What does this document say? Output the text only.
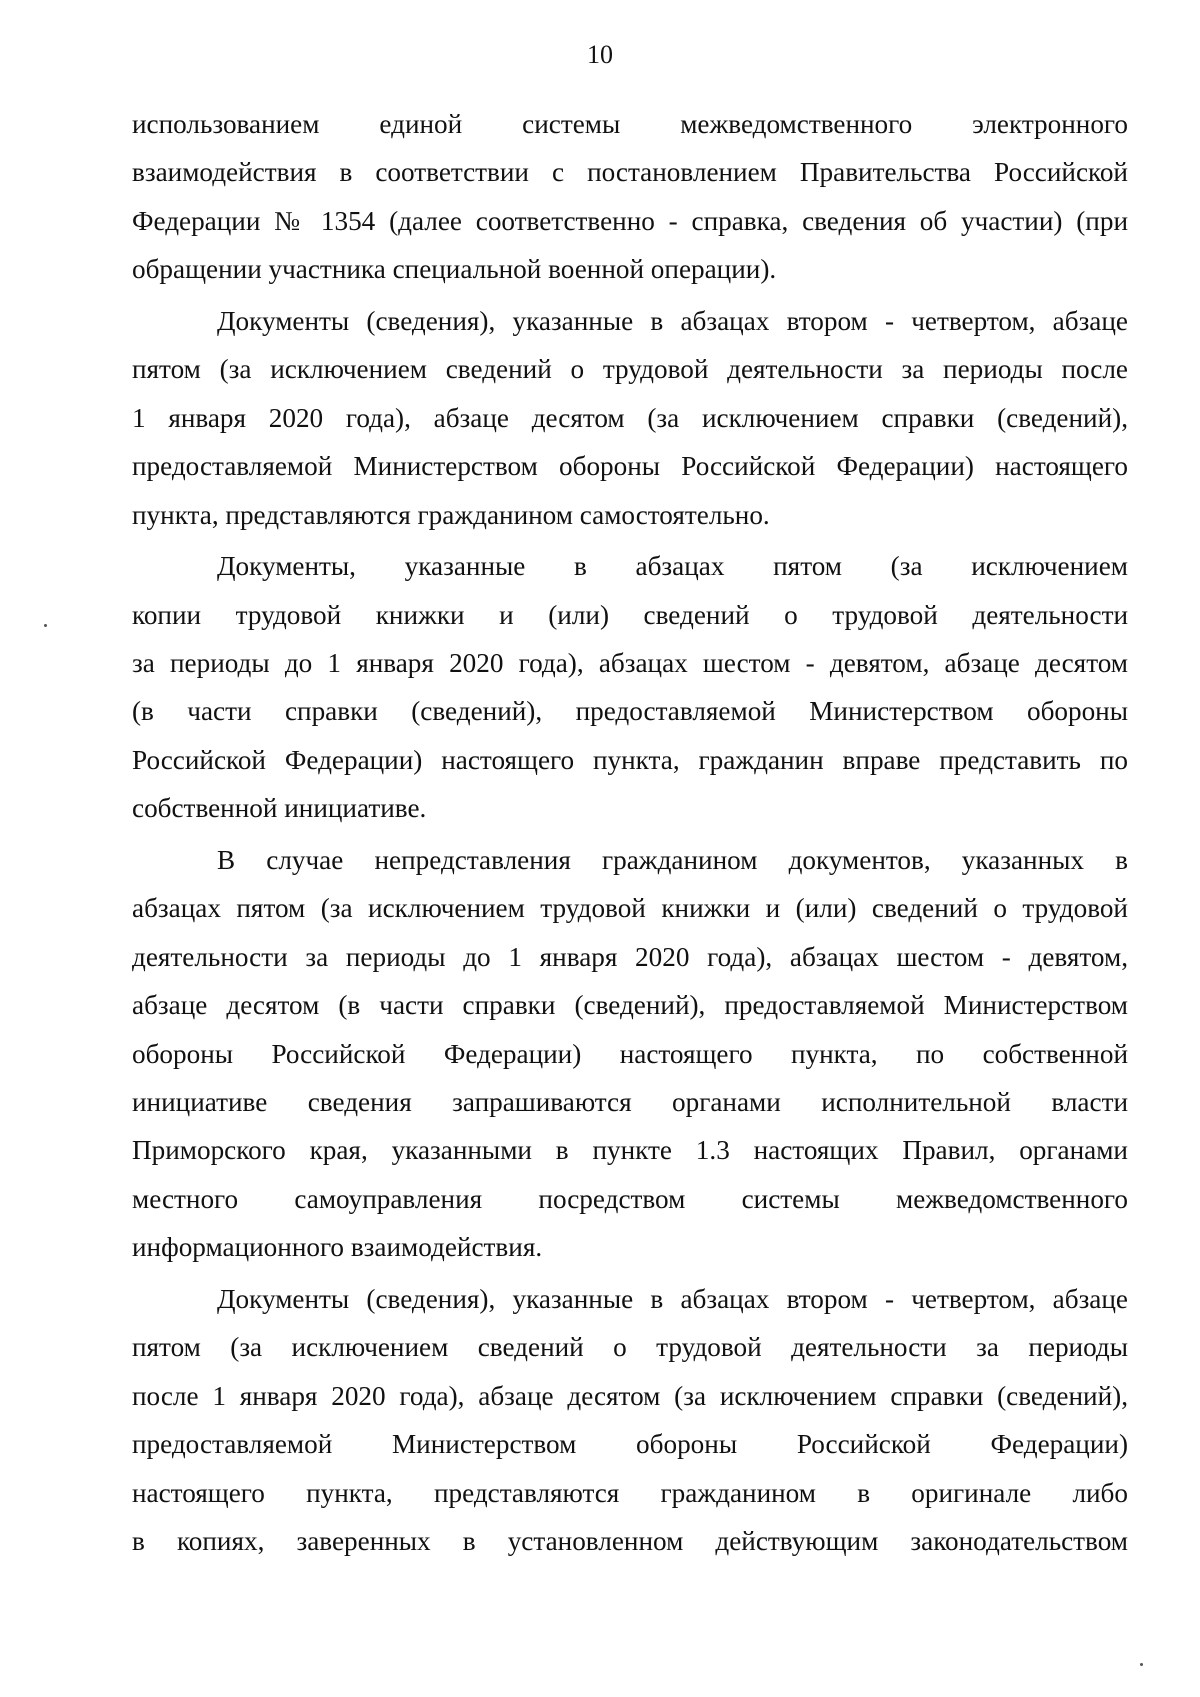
10
использованием единой системы межведомственного электронного
взаимодействия в соответствии с постановлением Правительства Российской
Федерации № 1354 (далее соответственно - справка, сведения об участии) (при
обращении участника специальной военной операции).
Документы (сведения), указанные в абзацах втором - четвертом, абзаце
пятом (за исключением сведений о трудовой деятельности за периоды после
1 января 2020 года), абзаце десятом (за исключением справки (сведений),
предоставляемой Министерством обороны Российской Федерации) настоящего
пункта, представляются гражданином самостоятельно.
Документы, указанные в абзацах пятом (за исключением
копии трудовой книжки и (или) сведений о трудовой деятельности
за периоды до 1 января 2020 года), абзацах шестом - девятом, абзаце десятом
(в части справки (сведений), предоставляемой Министерством обороны
Российской Федерации) настоящего пункта, гражданин вправе представить по
собственной инициативе.
В случае непредставления гражданином документов, указанных в
абзацах пятом (за исключением трудовой книжки и (или) сведений о трудовой
деятельности за периоды до 1 января 2020 года), абзацах шестом - девятом,
абзаце десятом (в части справки (сведений), предоставляемой Министерством
обороны Российской Федерации) настоящего пункта, по собственной
инициативе сведения запрашиваются органами исполнительной власти
Приморского края, указанными в пункте 1.3 настоящих Правил, органами
местного самоуправления посредством системы межведомственного
информационного взаимодействия.
Документы (сведения), указанные в абзацах втором - четвертом, абзаце
пятом (за исключением сведений о трудовой деятельности за периоды
после 1 января 2020 года), абзаце десятом (за исключением справки (сведений),
предоставляемой Министерством обороны Российской Федерации)
настоящего пункта, представляются гражданином в оригинале либо
в копиях, заверенных в установленном действующим законодательством
